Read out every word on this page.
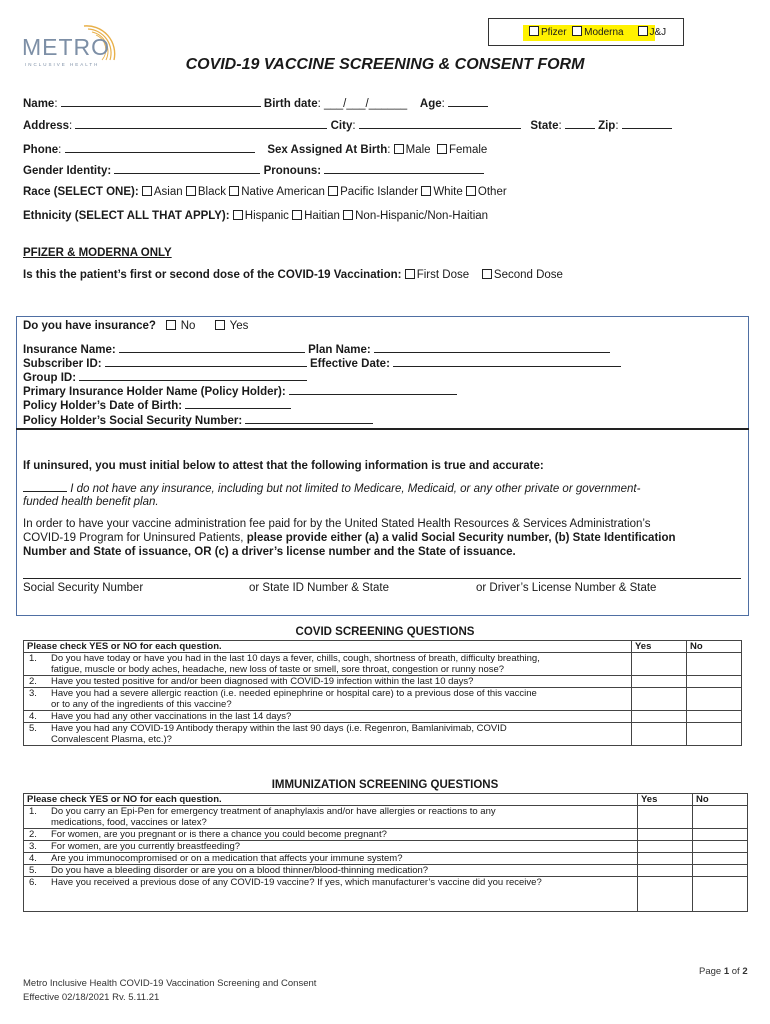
Pfizer Moderna	J&J
METRO
INCLUSIVE HEALTH	COVID-19 VACCINE SCREENING & CONSENT FORM
Name:	Birth date: ___/___/______ Age:
Address:	City:	State:	Zip:
Phone:	Sex Assigned At Birth: Male Female
Gender Identity:	Pronouns:
Race (SELECT ONE): Asian Black Native American Pacific Islander White Other
Ethnicity (SELECT ALL THAT APPLY): Hispanic Haitian Non-Hispanic/Non-Haitian
PFIZER & MODERNA ONLY
Is this the patient’s first or second dose of the COVID-19 Vaccination: First Dose Second Dose
Do you have insurance? No	Yes
Insurance Name:	Plan Name:
Subscriber ID:	Effective Date:
Group ID:
Primary Insurance Holder Name (Policy Holder):
Policy Holder’s Date of Birth:
Policy Holder’s Social Security Number:
If uninsured, you must initial below to attest that the following information is true and accurate:
I do not have any insurance, including but not limited to Medicare, Medicaid, or any other private or government-
funded health benefit plan.
In order to have your vaccine administration fee paid for by the United Stated Health Resources & Services Administration’s
COVID-19 Program for Uninsured Patients, please provide either (a) a valid Social Security number, (b) State Identification
Number and State of issuance, OR (c) a driver’s license number and the State of issuance.
Social Security Number	or State ID Number & State	or Driver’s License Number & State
COVID SCREENING QUESTIONS
Please check YES or NO for each question.		Yes	No
1.	Do you have today or have you had in the last 10 days a fever, chills, cough, shortness of breath, difficulty breathing,
fatigue, muscle or body aches, headache, new loss of taste or smell, sore throat, congestion or runny nose?		

2.	Have you tested positive for and/or been diagnosed with COVID-19 infection within the last 10 days?		

3.	Have you had a severe allergic reaction (i.e. needed epinephrine or hospital care) to a previous dose of this vaccine
or to any of the ingredients of this vaccine?		

4.	Have you had any other vaccinations in the last 14 days?		

5.	Have you had any COVID-19 Antibody therapy within the last 90 days (i.e. Regenron, Bamlanivimab, COVID
Convalescent Plasma, etc.)?		

IMMUNIZATION SCREENING QUESTIONS
Please check YES or NO for each question.		Yes	No
1.	Do you carry an Epi-Pen for emergency treatment of anaphylaxis and/or have allergies or reactions to any
medications, food, vaccines or latex?		

2.	For women, are you pregnant or is there a chance you could become pregnant?		

3.	For women, are you currently breastfeeding?		

4.	Are you immunocompromised or on a medication that affects your immune system?		

5.	Do you have a bleeding disorder or are you on a blood thinner/blood-thinning medication?		

6.	Have you received a previous dose of any COVID-19 vaccine? If yes, which manufacturer’s vaccine did you receive?		

Page 1 of 2
Metro Inclusive Health COVID-19 Vaccination Screening and Consent
Effective 02/18/2021 Rv. 5.11.21
